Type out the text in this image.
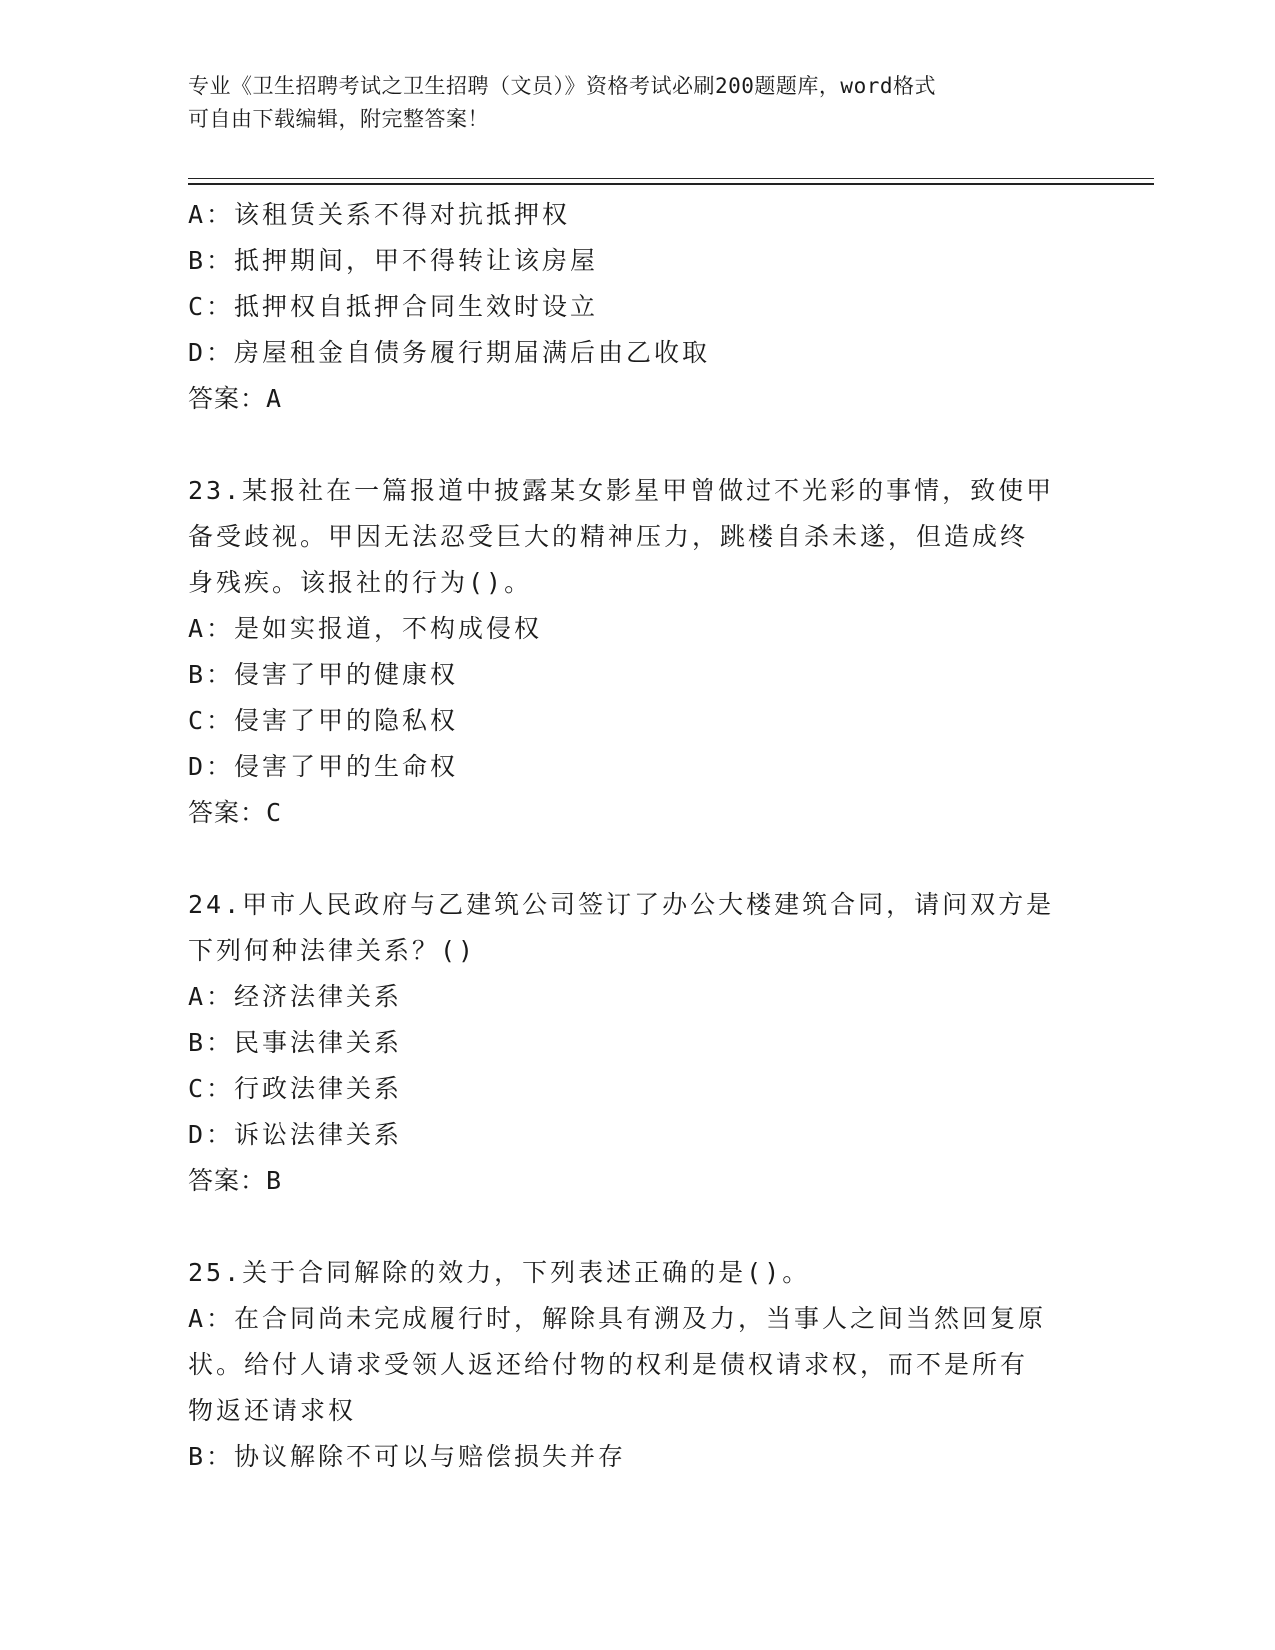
专业《卫生招聘考试之卫生招聘（文员）》资格考试必刷200题题库，word格式
可自由下载编辑，附完整答案！
A：该租赁关系不得对抗抵押权
B：抵押期间，甲不得转让该房屋
C：抵押权自抵押合同生效时设立
D：房屋租金自债务履行期届满后由乙收取
答案：A
23.某报社在一篇报道中披露某女影星甲曾做过不光彩的事情，致使甲
备受歧视。甲因无法忍受巨大的精神压力，跳楼自杀未遂，但造成终
身残疾。该报社的行为()。
A：是如实报道，不构成侵权
B：侵害了甲的健康权
C：侵害了甲的隐私权
D：侵害了甲的生命权
答案：C
24.甲市人民政府与乙建筑公司签订了办公大楼建筑合同，请问双方是
下列何种法律关系？()
A：经济法律关系
B：民事法律关系
C：行政法律关系
D：诉讼法律关系
答案：B
25.关于合同解除的效力，下列表述正确的是()。
A：在合同尚未完成履行时，解除具有溯及力，当事人之间当然回复原
状。给付人请求受领人返还给付物的权利是债权请求权，而不是所有
物返还请求权
B：协议解除不可以与赔偿损失并存
